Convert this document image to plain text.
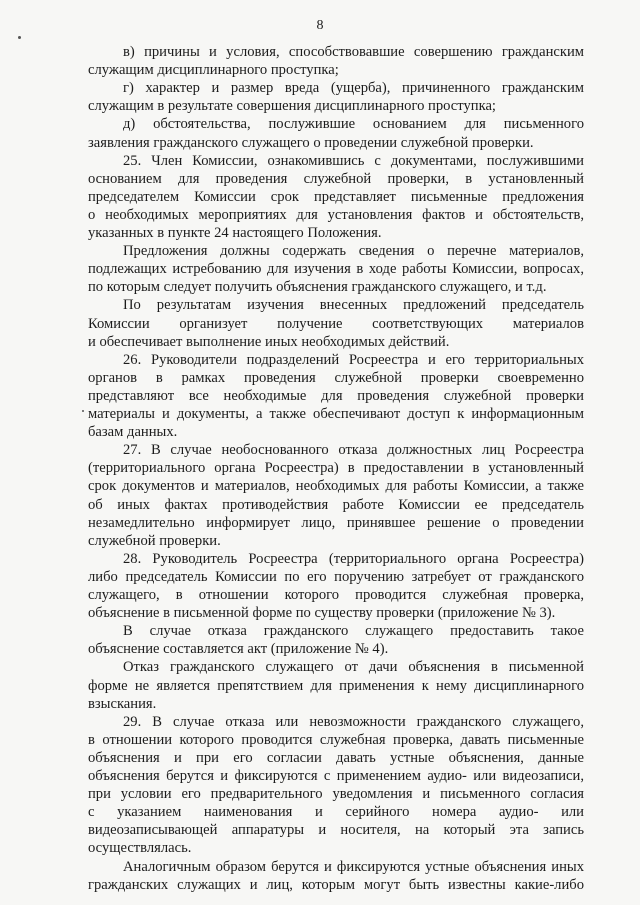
8
в) причины и условия, способствовавшие совершению гражданским
служащим дисциплинарного проступка;
г) характер и размер вреда (ущерба), причиненного гражданским
служащим в результате совершения дисциплинарного проступка;
д) обстоятельства, послужившие основанием для письменного
заявления гражданского служащего о проведении служебной проверки.
25. Член Комиссии, ознакомившись с документами, послужившими
основанием для проведения служебной проверки, в установленный
председателем Комиссии срок представляет письменные предложения
о необходимых мероприятиях для установления фактов и обстоятельств,
указанных в пункте 24 настоящего Положения.
Предложения должны содержать сведения о перечне материалов,
подлежащих истребованию для изучения в ходе работы Комиссии, вопросах,
по которым следует получить объяснения гражданского служащего, и т.д.
По результатам изучения внесенных предложений председатель
Комиссии организует получение соответствующих материалов
и обеспечивает выполнение иных необходимых действий.
26. Руководители подразделений Росреестра и его территориальных
органов в рамках проведения служебной проверки своевременно
представляют все необходимые для проведения служебной проверки
материалы и документы, а также обеспечивают доступ к информационным
базам данных.
27. В случае необоснованного отказа должностных лиц Росреестра
(территориального органа Росреестра) в предоставлении в установленный
срок документов и материалов, необходимых для работы Комиссии, а также
об иных фактах противодействия работе Комиссии ее председатель
незамедлительно информирует лицо, принявшее решение о проведении
служебной проверки.
28. Руководитель Росреестра (территориального органа Росреестра)
либо председатель Комиссии по его поручению затребует от гражданского
служащего, в отношении которого проводится служебная проверка,
объяснение в письменной форме по существу проверки (приложение № 3).
В случае отказа гражданского служащего предоставить такое
объяснение составляется акт (приложение № 4).
Отказ гражданского служащего от дачи объяснения в письменной
форме не является препятствием для применения к нему дисциплинарного
взыскания.
29. В случае отказа или невозможности гражданского служащего,
в отношении которого проводится служебная проверка, давать письменные
объяснения и при его согласии давать устные объяснения, данные
объяснения берутся и фиксируются с применением аудио- или видеозаписи,
при условии его предварительного уведомления и письменного согласия
с указанием наименования и серийного номера аудио- или
видеозаписывающей аппаратуры и носителя, на который эта запись
осуществлялась.
Аналогичным образом берутся и фиксируются устные объяснения иных
гражданских служащих и лиц, которым могут быть известны какие-либо
